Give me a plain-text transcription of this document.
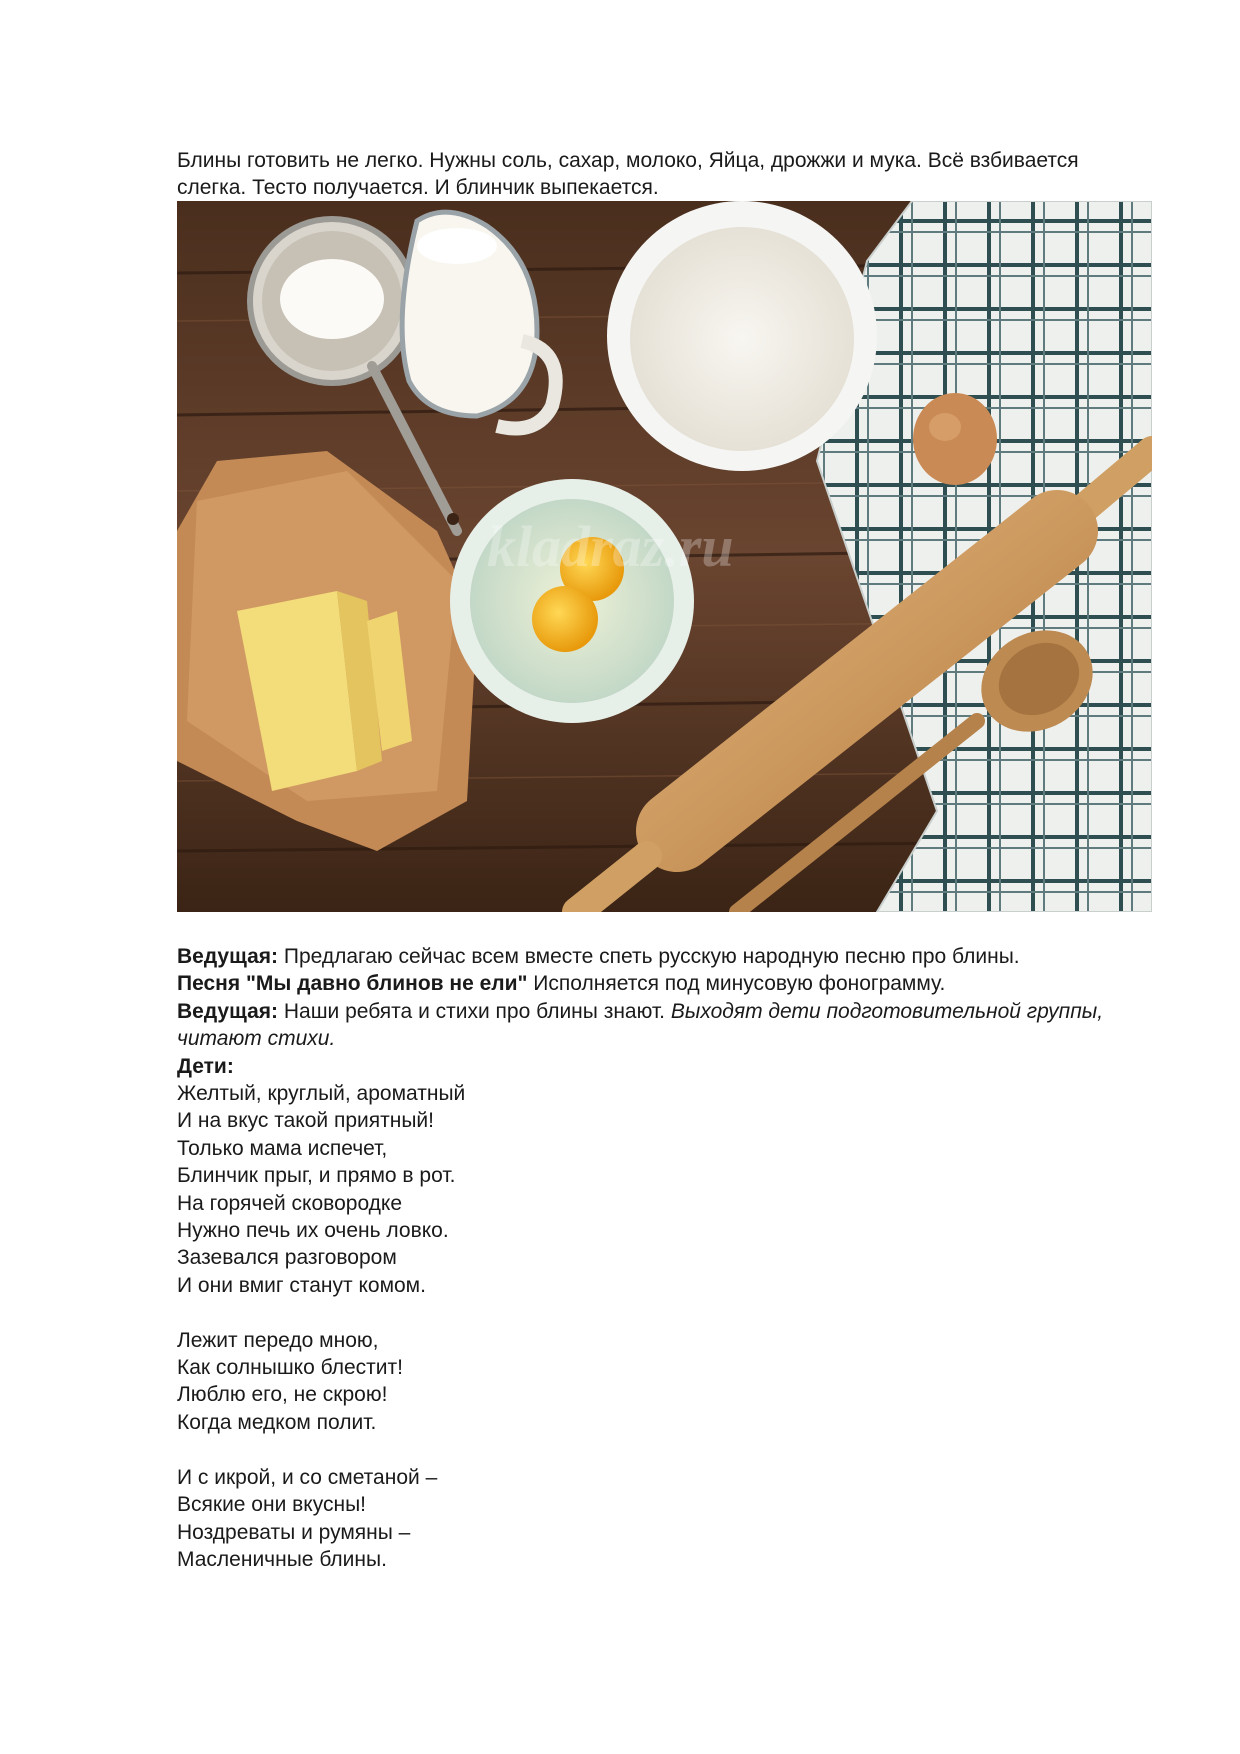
Блины готовить не легко. Нужны соль, сахар, молоко, Яйца, дрожжи и мука. Всё взбивается слегка. Тесто получается. И блинчик выпекается.

kladraz.ru

Ведущая: Предлагаю сейчас всем вместе спеть русскую народную песню про блины.

Песня "Мы давно блинов не ели" Исполняется под минусовую фонограмму.

Ведущая: Наши ребята и стихи про блины знают. Выходят дети подготовительной группы, читают стихи.

Дети:

Желтый, круглый, ароматный
И на вкус такой приятный!
Только мама испечет,
Блинчик прыг, и прямо в рот.
На горячей сковородке
Нужно печь их очень ловко.
Зазевался разговором
И они вмиг станут комом.

Лежит передо мною,
Как солнышко блестит!
Люблю его, не скрою!
Когда медком полит.

И с икрой, и со сметаной –
Всякие они вкусны!
Ноздреваты и румяны –
Масленичные блины.
